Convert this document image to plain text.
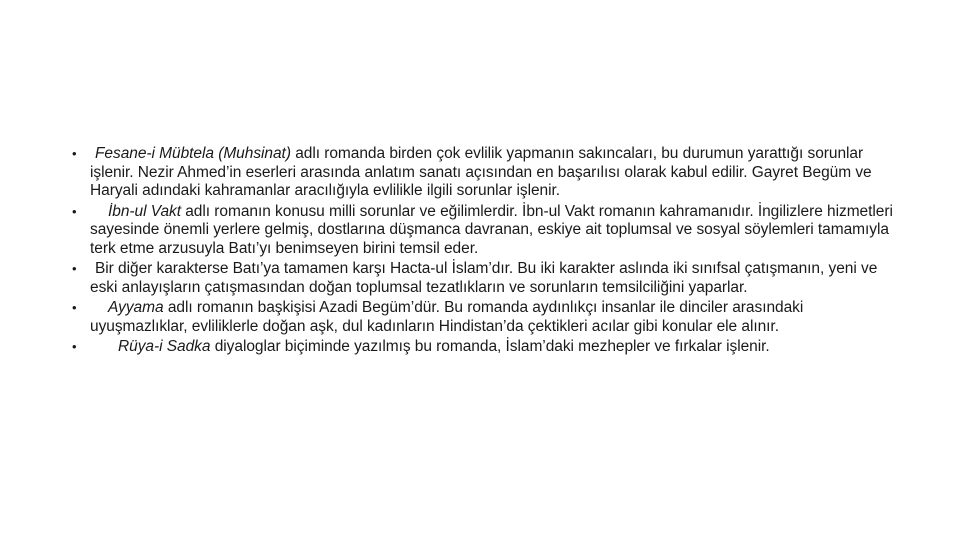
• Fesane-i Mübtela (Muhsinat) adlı romanda birden çok evlilik yapmanın sakıncaları, bu durumun yarattığı sorunlar işlenir. Nezir Ahmed’in eserleri arasında anlatım sanatı açısından en başarılısı olarak kabul edilir. Gayret Begüm ve Haryali adındaki kahramanlar aracılığıyla evlilikle ilgili sorunlar işlenir.
• İbn-ul Vakt adlı romanın konusu milli sorunlar ve eğilimlerdir. İbn-ul Vakt romanın kahramanıdır. İngilizlere hizmetleri sayesinde önemli yerlere gelmiş, dostlarına düşmanca davranan, eskiye ait toplumsal ve sosyal söylemleri tamamıyla terk etme arzusuyla Batı’yı benimseyen birini temsil eder.
• Bir diğer karakterse Batı’ya tamamen karşı Hacta-ul İslam’dır. Bu iki karakter aslında iki sınıfsal çatışmanın, yeni ve eski anlayışların çatışmasından doğan toplumsal tezatlıkların ve sorunların temsilciliğini yaparlar.
• Ayyama adlı romanın başkişisi Azadi Begüm’dür. Bu romanda aydınlıkçı insanlar ile dinciler arasındaki uyuşmazlıklar, evliliklerle doğan aşk, dul kadınların Hindistan’da çektikleri acılar gibi konular ele alınır.
•	Rüya-i Sadka diyaloglar biçiminde yazılmış bu romanda, İslam’daki mezhepler ve fırkalar işlenir.
